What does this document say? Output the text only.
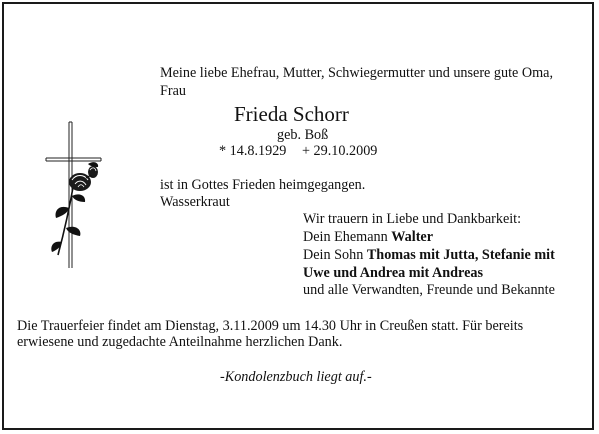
Meine liebe Ehefrau, Mutter, Schwiegermutter und unsere gute Oma,
Frau
Frieda Schorr
geb. Boß
* 14.8.1929 + 29.10.2009
ist in Gottes Frieden heimgegangen.
Wasserkraut
Wir trauern in Liebe und Dankbarkeit:
Dein Ehemann Walter
Dein Sohn Thomas mit Jutta, Stefanie mit
Uwe und Andrea mit Andreas
und alle Verwandten, Freunde und Bekannte
Die Trauerfeier findet am Dienstag, 3.11.2009 um 14.30 Uhr in Creußen statt. Für bereits
erwiesene und zugedachte Anteilnahme herzlichen Dank.
-Kondolenzbuch liegt auf.-
